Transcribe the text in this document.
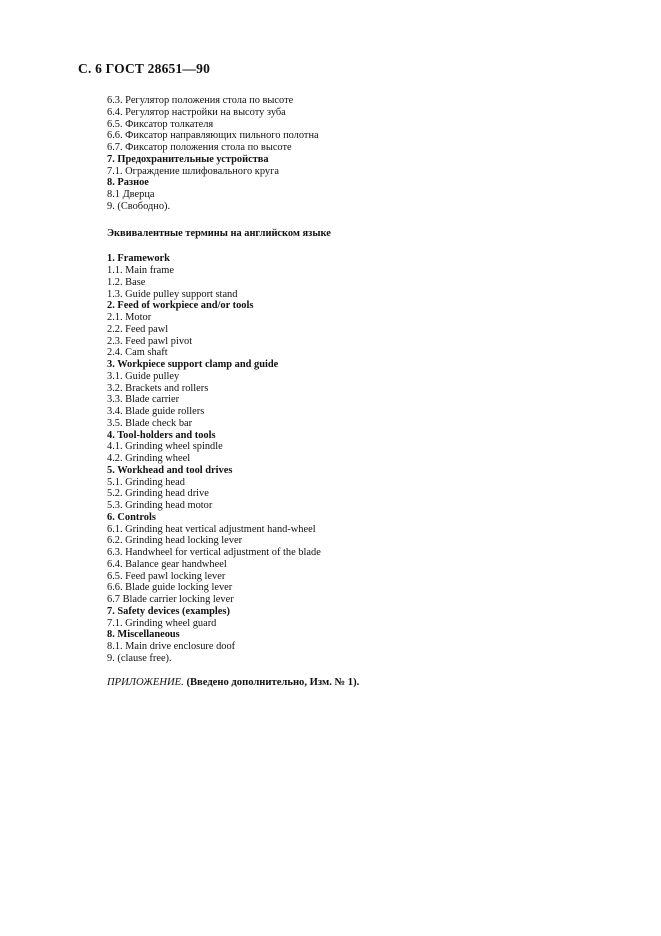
С. 6 ГОСТ 28651—90
6.3. Регулятор положения стола по высоте
6.4. Регулятор настройки на высоту зуба
6.5. Фиксатор толкателя
6.6. Фиксатор направляющих пильного полотна
6.7. Фиксатор положения стола по высоте
7. Предохранительные устройства
7.1. Ограждение шлифовального круга
8. Разное
8.1 Дверца
9. (Свободно).
Эквивалентные термины на английском языке
1. Framework
1.1. Main frame
1.2. Base
1.3. Guide pulley support stand
2. Feed of workpiece and/or tools
2.1. Motor
2.2. Feed pawl
2.3. Feed pawl pivot
2.4. Cam shaft
3. Workpiece support clamp and guide
3.1. Guide pulley
3.2. Brackets and rollers
3.3. Blade carrier
3.4. Blade guide rollers
3.5. Blade check bar
4. Tool-holders and tools
4.1. Grinding wheel spindle
4.2. Grinding wheel
5. Workhead and tool drives
5.1. Grinding head
5.2. Grinding head drive
5.3. Grinding head motor
6. Controls
6.1. Grinding heat vertical adjustment hand-wheel
6.2. Grinding head locking lever
6.3. Handwheel for vertical adjustment of the blade
6.4. Balance gear handwheel
6.5. Feed pawl locking lever
6.6. Blade guide locking lever
6.7 Blade carrier locking lever
7. Safety devices (examples)
7.1. Grinding wheel guard
8. Miscellaneous
8.1. Main drive enclosure doof
9. (clause free).
ПРИЛОЖЕНИЕ. (Введено дополнительно, Изм. № 1).
